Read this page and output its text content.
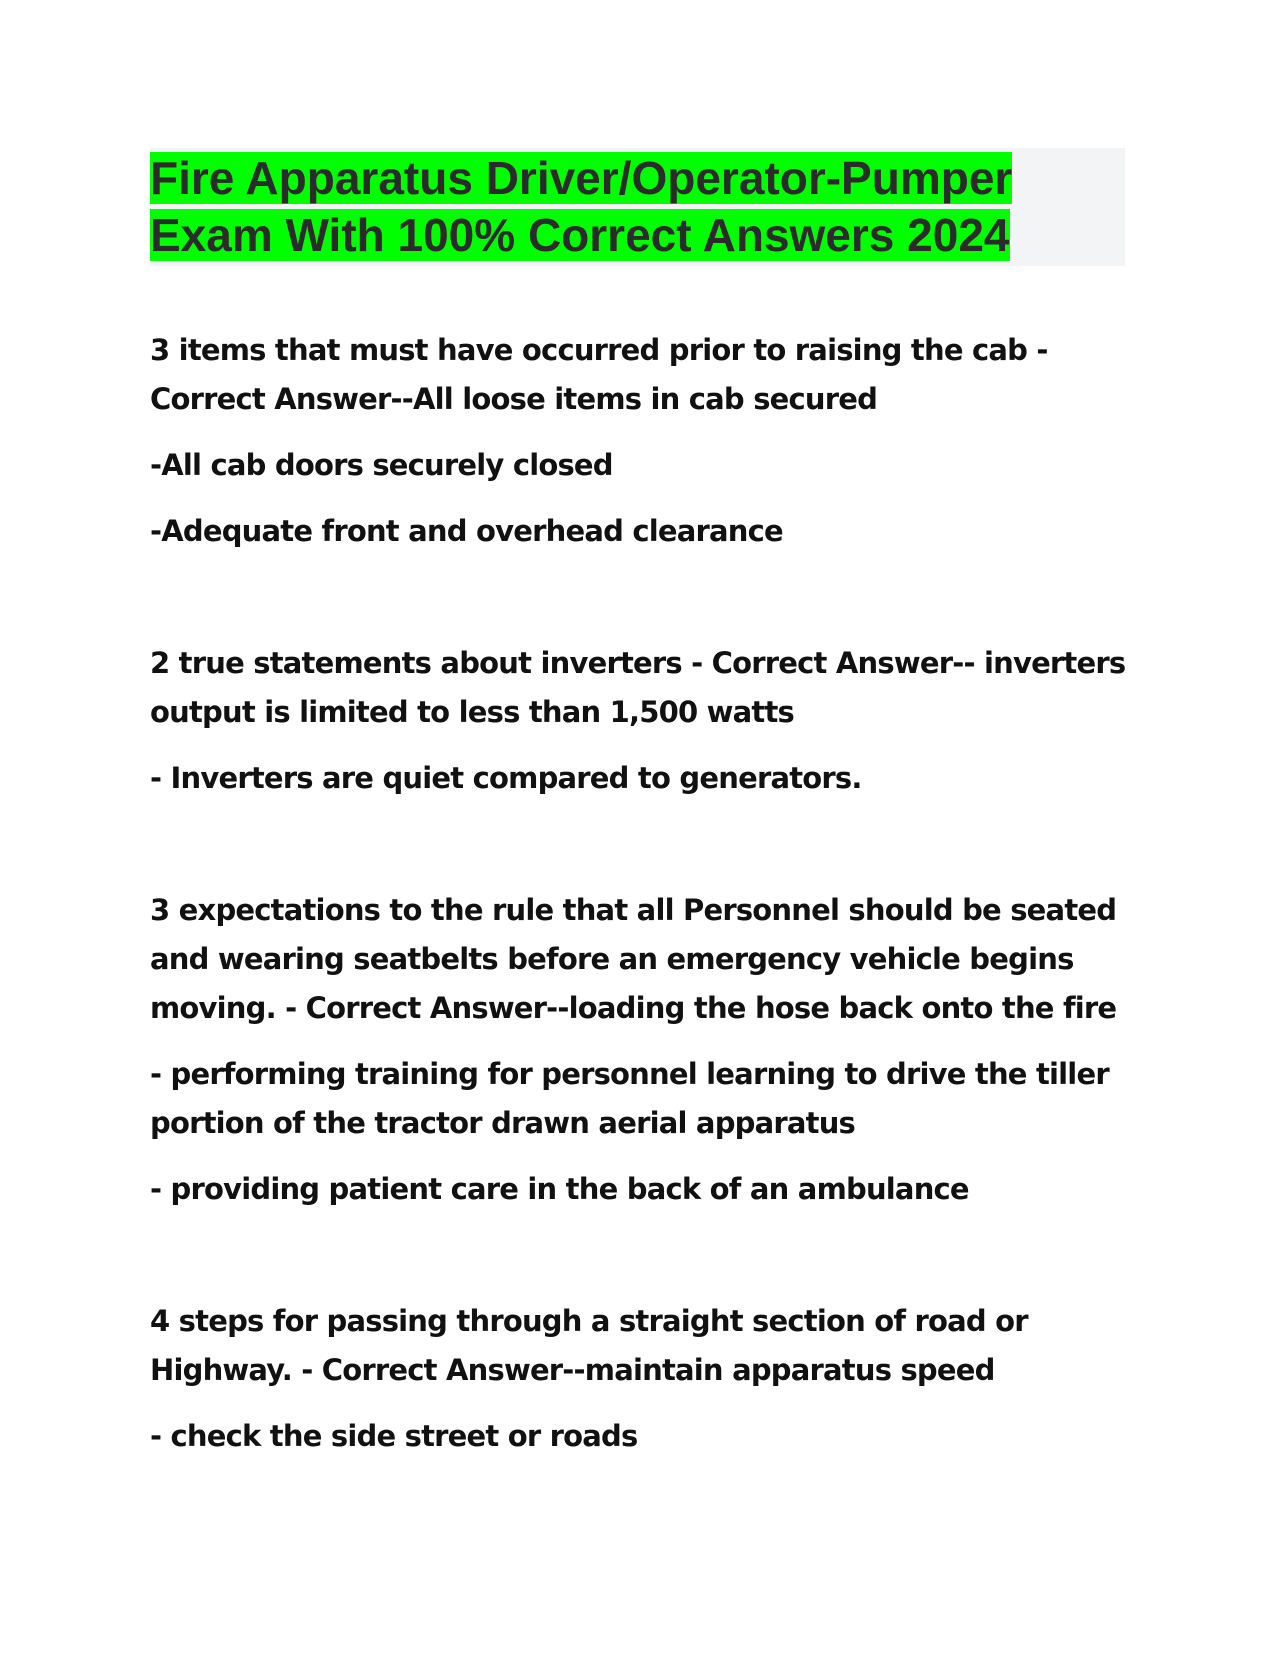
Fire Apparatus Driver/Operator-Pumper
Exam With 100% Correct Answers 2024

3 items that must have occurred prior to raising the cab - Correct Answer--All loose items in cab secured

-All cab doors securely closed

-Adequate front and overhead clearance

2 true statements about inverters - Correct Answer-- inverters output is limited to less than 1,500 watts

- Inverters are quiet compared to generators.

3 expectations to the rule that all Personnel should be seated and wearing seatbelts before an emergency vehicle begins moving. - Correct Answer--loading the hose back onto the fire

- performing training for personnel learning to drive the tiller portion of the tractor drawn aerial apparatus

- providing patient care in the back of an ambulance

4 steps for passing through a straight section of road or Highway. - Correct Answer--maintain apparatus speed

- check the side street or roads
